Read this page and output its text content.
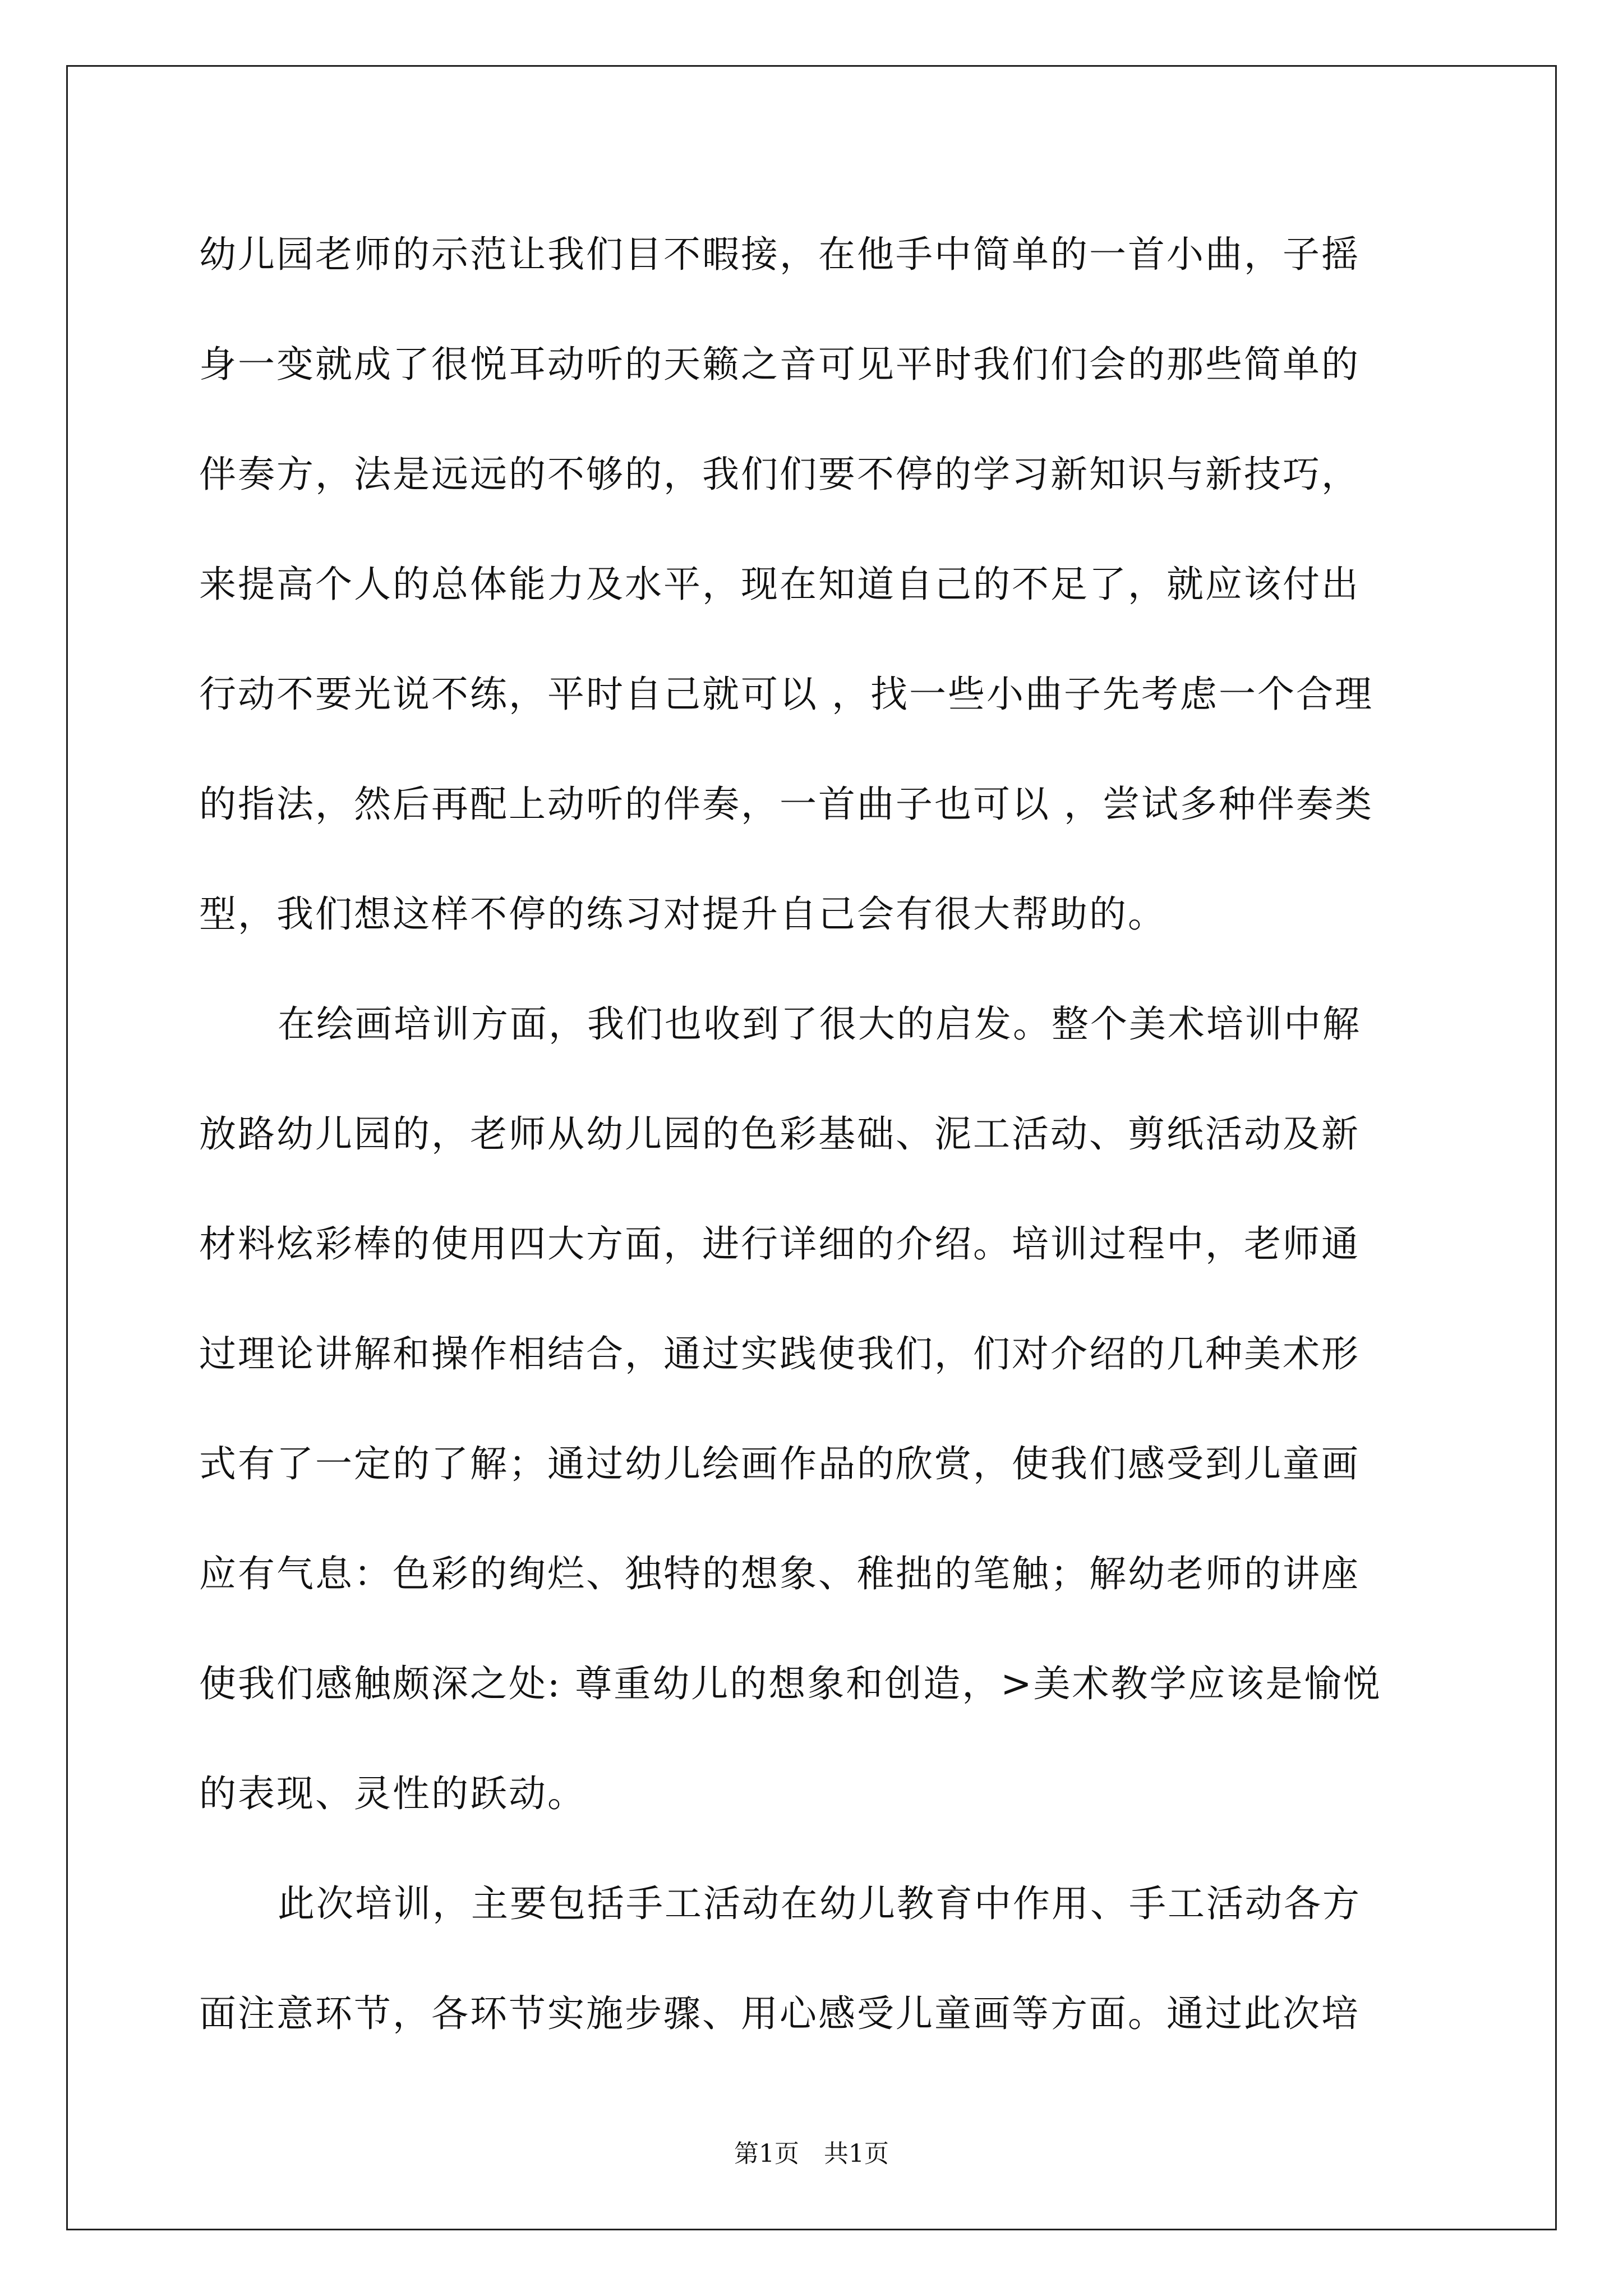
幼儿园老师的示范让我们目不暇接，在他手中简单的一首小曲，子摇
身一变就成了很悦耳动听的天籁之音可见平时我们们会的那些简单的
伴奏方，法是远远的不够的，我们们要不停的学习新知识与新技巧，
来提高个人的总体能力及水平，现在知道自己的不足了，就应该付出
行动不要光说不练，平时自己就可以 ，找一些小曲子先考虑一个合理
的指法，然后再配上动听的伴奏，一首曲子也可以 ，尝试多种伴奏类
型，我们想这样不停的练习对提升自己会有很大帮助的。
在绘画培训方面，我们也收到了很大的启发。整个美术培训中解
放路幼儿园的，老师从幼儿园的色彩基础、泥工活动、剪纸活动及新
材料炫彩棒的使用四大方面，进行详细的介绍。培训过程中，老师通
过理论讲解和操作相结合，通过实践使我们，们对介绍的几种美术形
式有了一定的了解；通过幼儿绘画作品的欣赏，使我们感受到儿童画
应有气息：色彩的绚烂、独特的想象、稚拙的笔触；解幼老师的讲座
使我们感触颇深之处: 尊重幼儿的想象和创造，>美术教学应该是愉悦
的表现、灵性的跃动。
此次培训，主要包括手工活动在幼儿教育中作用、手工活动各方
面注意环节，各环节实施步骤、用心感受儿童画等方面。通过此次培
第1页　共1页
